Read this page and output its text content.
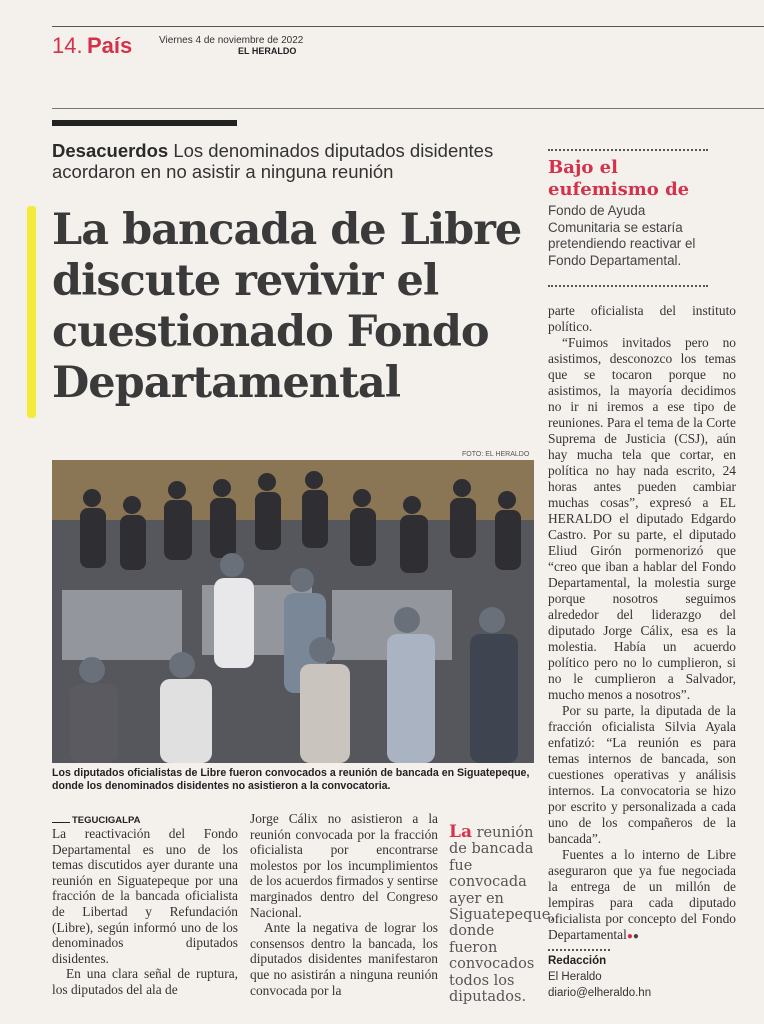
14. País	Viernes 4 de noviembre de 2022
EL HERALDO
Desacuerdos Los denominados diputados disidentes acordaron en no asistir a ninguna reunión
La bancada de Libre discute revivir el cuestionado Fondo Departamental
FOTO: EL HERALDO
Los diputados oficialistas de Libre fueron convocados a reunión de bancada en Siguatepeque, donde los denominados disidentes no asistieron a la convocatoria.
Bajo el
eufemismo de
Fondo de Ayuda Comunitaria se estaría pretendiendo reactivar el Fondo Departamental.

parte oficialista del instituto político.

“Fuimos invitados pero no asistimos, desconozco los temas que se tocaron porque no asistimos, la mayoría decidimos no ir ni iremos a ese tipo de reuniones. Para el tema de la Corte Suprema de Justicia (CSJ), aún hay mucha tela que cortar, en política no hay nada escrito, 24 horas antes pueden cambiar muchas cosas”, expresó a EL HERALDO el diputado Edgardo Castro. Por su parte, el diputado Eliud Girón pormenorizó que “creo que iban a hablar del Fondo Departamental, la molestia surge porque nosotros seguimos alrededor del liderazgo del diputado Jorge Cálix, esa es la molestia. Había un acuerdo político pero no lo cumplieron, si no le cumplieron a Salvador, mucho menos a nosotros”.

Por su parte, la diputada de la fracción oficialista Silvia Ayala enfatizó: “La reunión es para temas internos de bancada, son cuestiones operativas y análisis internos. La convocatoria se hizo por escrito y personalizada a cada uno de los compañeros de la bancada”.

Fuentes a lo interno de Libre aseguraron que ya fue negociada la entrega de un millón de lempiras para cada diputado oficialista por concepto del Fondo Departamental●●

Redacción
El Heraldo
diario@elheraldo.hn
TEGUCIGALPA

La reactivación del Fondo Departamental es uno de los temas discutidos ayer durante una reunión en Siguatepeque por una fracción de la bancada oficialista de Libertad y Refundación (Libre), según informó uno de los denominados diputados disidentes.

En una clara señal de ruptura, los diputados del ala de

Jorge Cálix no asistieron a la reunión convocada por la fracción oficialista por encontrarse molestos por los incumplimientos de los acuerdos firmados y sentirse marginados dentro del Congreso Nacional.

Ante la negativa de lograr los consensos dentro la bancada, los diputados disidentes manifestaron que no asistirán a ninguna reunión convocada por la

La reunión de bancada fue convocada ayer en Siguatepeque, donde fueron convocados todos los diputados.
